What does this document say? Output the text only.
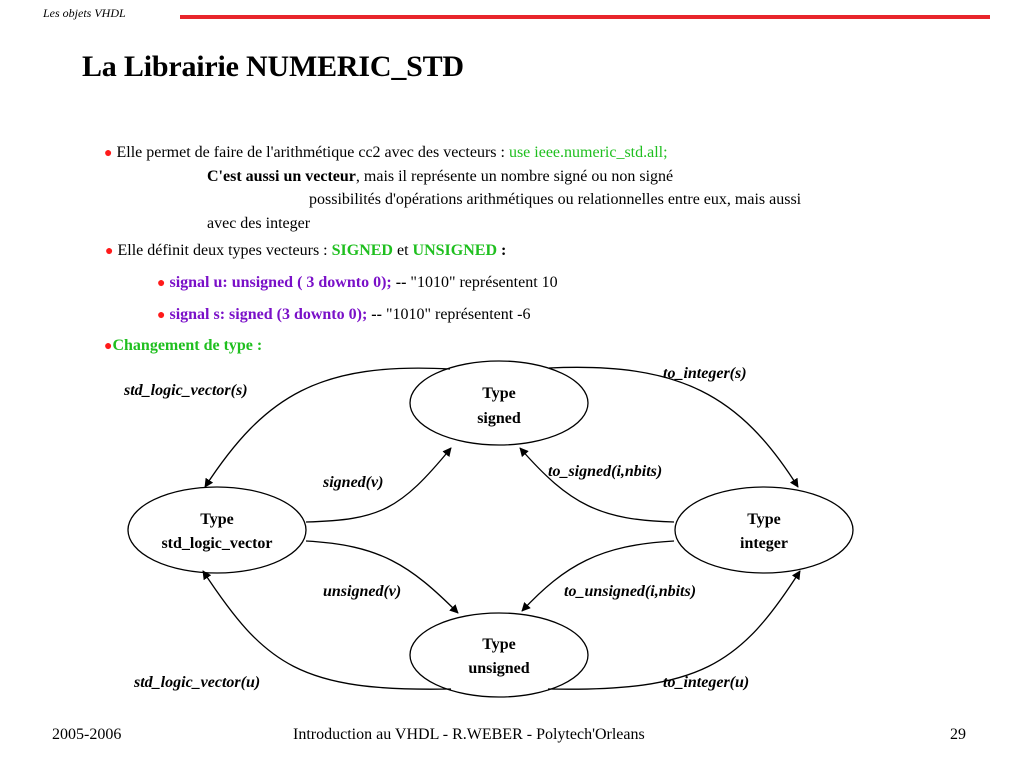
Les objets VHDL
La Librairie NUMERIC_STD
● Elle permet de faire de l'arithmétique cc2 avec des vecteurs : use ieee.numeric_std.all;
C'est aussi un vecteur, mais il représente un nombre signé ou non signé
possibilités d'opérations arithmétiques ou relationnelles entre eux, mais aussi
avec des integer
● Elle définit deux types vecteurs : SIGNED et UNSIGNED :
● signal u: unsigned ( 3 downto 0); -- "1010" représentent 10
● signal s: signed (3 downto 0); -- "1010" représentent -6
●Changement de type :
Type
signed
Type
std_logic_vector
Type
integer
Type
unsigned
std_logic_vector(s)
to_integer(s)
signed(v)
to_signed(i,nbits)
unsigned(v)	to_unsigned(i,nbits)
std_logic_vector(u)	to_integer(u)
2005-2006	Introduction au VHDL - R.WEBER - Polytech'Orleans	29
